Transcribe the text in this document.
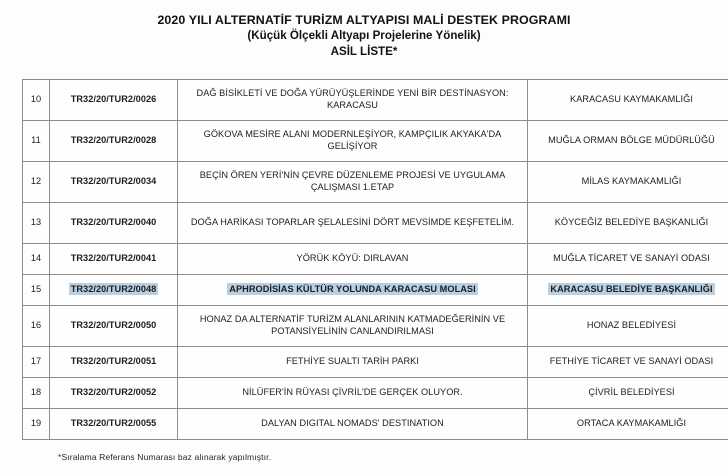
2020 YILI ALTERNATİF TURİZM ALTYAPISI MALİ DESTEK PROGRAMI
(Küçük Ölçekli Altyapı Projelerine Yönelik)
ASİL LİSTE*
10	TR32/20/TUR2/0026	DAĞ BİSİKLETİ VE DOĞA YÜRÜYÜŞLERİNDE YENİ BİR DESTİNASYON: KARACASU	KARACASU KAYMAKAMLIĞI
11	TR32/20/TUR2/0028	GÖKOVA MESİRE ALANI MODERNLEŞİYOR, KAMPÇILIK AKYAKA'DA GELİŞİYOR	MUĞLA ORMAN BÖLGE MÜDÜRLÜĞÜ
12	TR32/20/TUR2/0034	BEÇİN ÖREN YERİ'NİN ÇEVRE DÜZENLEME PROJESİ VE UYGULAMA ÇALIŞMASI 1.ETAP	MİLAS KAYMAKAMLIĞI
13	TR32/20/TUR2/0040	DOĞA HARİKASI TOPARLAR ŞELALESİNİ DÖRT MEVSİMDE KEŞFETELİM.	KÖYCEĞİZ BELEDİYE BAŞKANLIĞI
14	TR32/20/TUR2/0041	YÖRÜK KÖYÜ: DIRLAVAN	MUĞLA TİCARET VE SANAYİ ODASI
15	TR32/20/TUR2/0048	APHRODİSİAS KÜLTÜR YOLUNDA KARACASU MOLASI	KARACASU BELEDİYE BAŞKANLIĞI
16	TR32/20/TUR2/0050	HONAZ DA ALTERNATİF TURİZM ALANLARININ KATMADEĞERİNİN VE POTANSİYELİNİN CANLANDIRILMASI	HONAZ BELEDİYESİ
17	TR32/20/TUR2/0051	FETHİYE SUALTI TARİH PARKI	FETHİYE TİCARET VE SANAYİ ODASI
18	TR32/20/TUR2/0052	NİLÜFER'İN RÜYASI ÇİVRİL'DE GERÇEK OLUYOR.	ÇİVRİL BELEDİYESİ
19	TR32/20/TUR2/0055	DALYAN DIGITAL NOMADS' DESTINATION	ORTACA KAYMAKAMLIĞI
*Sıralama Referans Numarası baz alınarak yapılmıştır.
